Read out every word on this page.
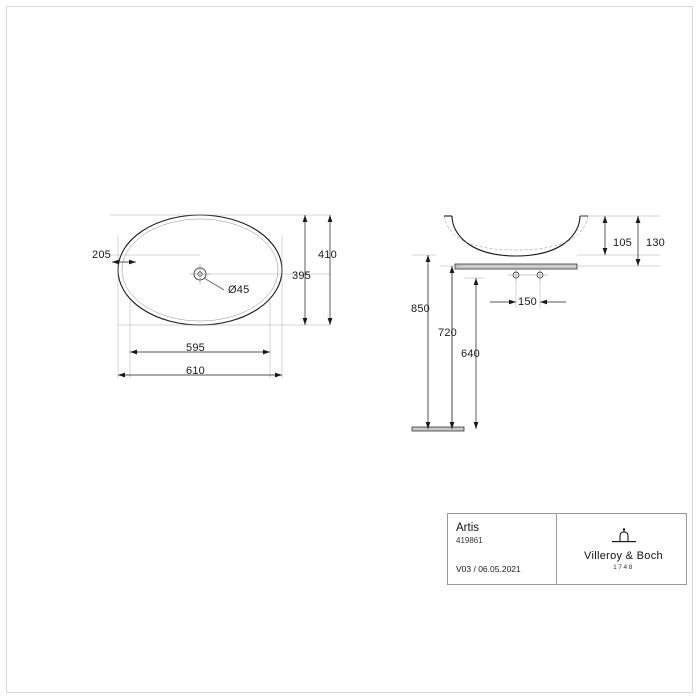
205
Ø45
410
395
595
610
105 130
150
850
720
640
Artis
419861
V03 / 06.05.2021
Villeroy & Boch
1748
